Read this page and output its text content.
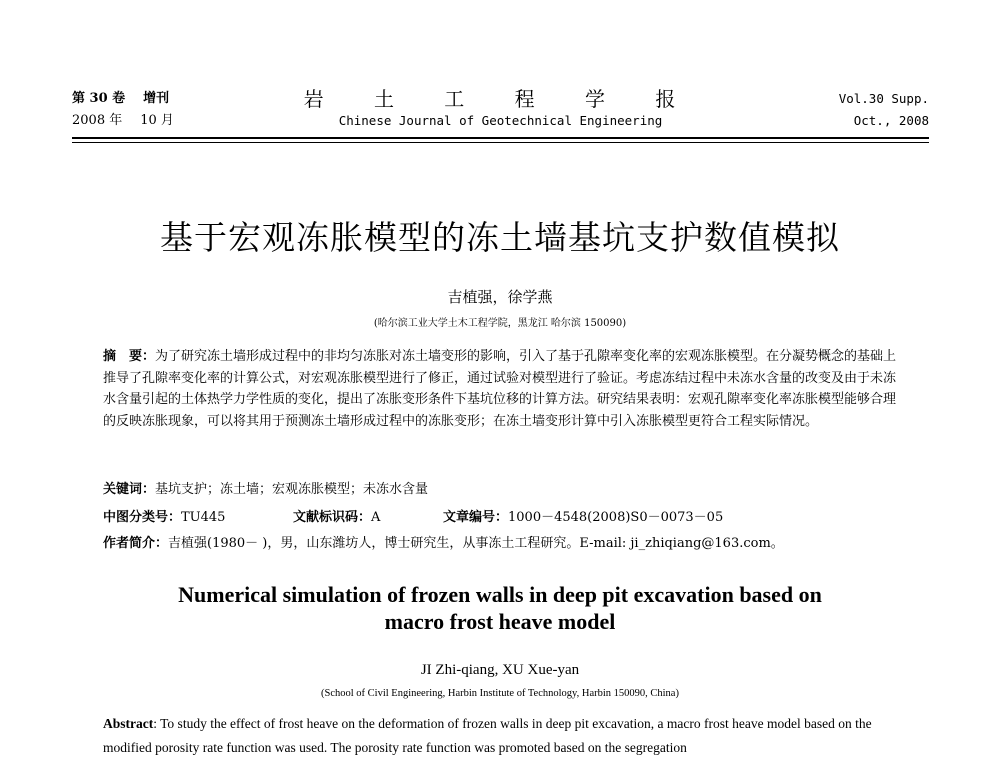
第 30 卷 增刊
2008 年 10 月
岩 土 工 程 学 报
Chinese Journal of Geotechnical Engineering
Vol.30 Supp.
Oct., 2008
基于宏观冻胀模型的冻土墙基坑支护数值模拟
吉植强，徐学燕
(哈尔滨工业大学土木工程学院，黑龙江 哈尔滨 150090)
摘　要：为了研究冻土墙形成过程中的非均匀冻胀对冻土墙变形的影响，引入了基于孔隙率变化率的宏观冻胀模型。在分凝势概念的基础上推导了孔隙率变化率的计算公式，对宏观冻胀模型进行了修正，通过试验对模型进行了验证。考虑冻结过程中未冻水含量的改变及由于未冻水含量引起的土体热学力学性质的变化，提出了冻胀变形条件下基坑位移的计算方法。研究结果表明：宏观孔隙率变化率冻胀模型能够合理的反映冻胀现象，可以将其用于预测冻土墙形成过程中的冻胀变形；在冻土墙变形计算中引入冻胀模型更符合工程实际情况。
关键词：基坑支护；冻土墙；宏观冻胀模型；未冻水含量
中图分类号：TU445	文献标识码：A	文章编号：1000－4548(2008)S0－0073－05
作者简介：吉植强(1980－ )，男，山东潍坊人，博士研究生，从事冻土工程研究。E-mail: ji_zhiqiang@163.com。
Numerical simulation of frozen walls in deep pit excavation based on
macro frost heave model
JI Zhi-qiang, XU Xue-yan
(School of Civil Engineering, Harbin Institute of Technology, Harbin 150090, China)
Abstract: To study the effect of frost heave on the deformation of frozen walls in deep pit excavation, a macro frost heave model based on the modified porosity rate function was used. The porosity rate function was promoted based on the segregation
